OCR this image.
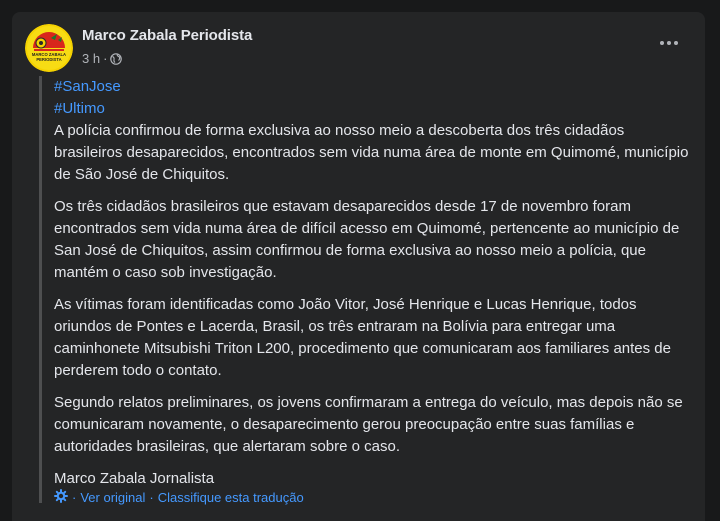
MARCO ZABALA
PERIODISTA
Marco Zabala Periodista
3 h ·
#SanJose
#Ultimo

A polícia confirmou de forma exclusiva ao nosso meio a descoberta dos três cidadãos brasileiros desaparecidos, encontrados sem vida numa área de monte em Quimomé, município de São José de Chiquitos.

Os três cidadãos brasileiros que estavam desaparecidos desde 17 de novembro foram encontrados sem vida numa área de difícil acesso em Quimomé, pertencente ao município de San José de Chiquitos, assim confirmou de forma exclusiva ao nosso meio a polícia, que mantém o caso sob investigação.

As vítimas foram identificadas como João Vitor, José Henrique e Lucas Henrique, todos oriundos de Pontes e Lacerda, Brasil, os três entraram na Bolívia para entregar uma caminhonete Mitsubishi Triton L200, procedimento que comunicaram aos familiares antes de perderem todo o contato.

Segundo relatos preliminares, os jovens confirmaram a entrega do veículo, mas depois não se comunicaram novamente, o desaparecimento gerou preocupação entre suas famílias e autoridades brasileiras, que alertaram sobre o caso.

Marco Zabala Jornalista

· Ver original · Classifique esta tradução
